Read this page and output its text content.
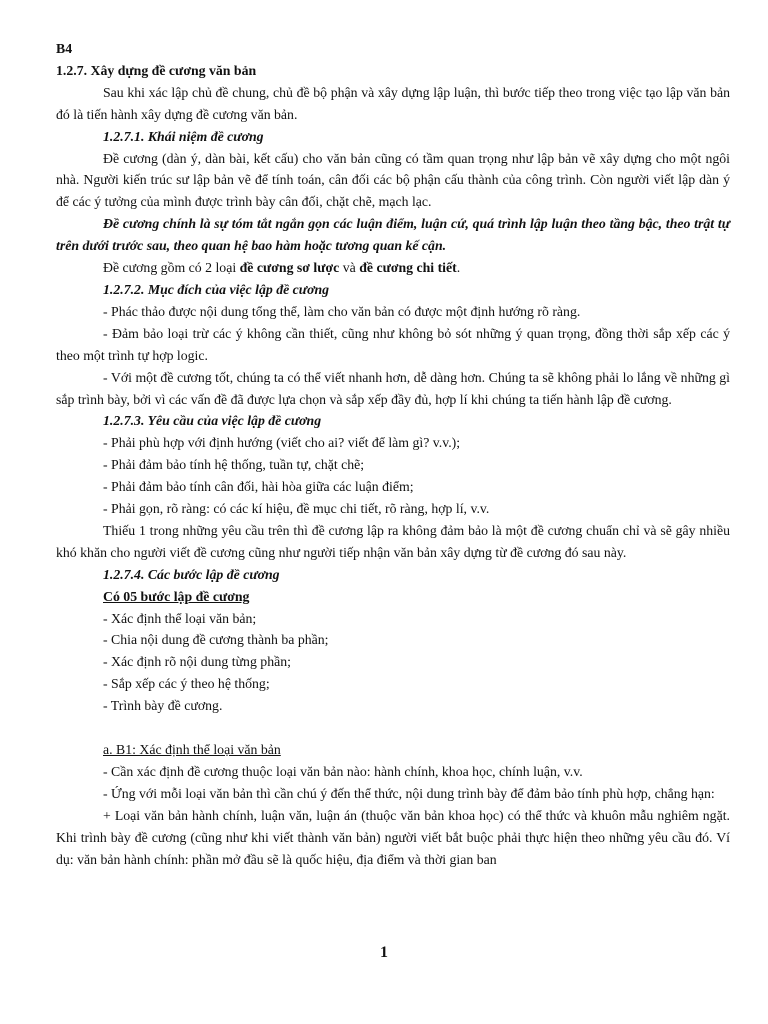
B4

1.2.7. Xây dựng đề cương văn bản

Sau khi xác lập chủ đề chung, chủ đề bộ phận và xây dựng lập luận, thì bước tiếp theo trong việc tạo lập văn bản đó là tiến hành xây dựng đề cương văn bản.

1.2.7.1. Khái niệm đề cương

Đề cương (dàn ý, dàn bài, kết cấu) cho văn bản cũng có tầm quan trọng như lập bản vẽ xây dựng cho một ngôi nhà. Người kiến trúc sư lập bản vẽ để tính toán, cân đối các bộ phận cấu thành của công trình. Còn người viết lập dàn ý để các ý tưởng của mình được trình bày cân đối, chặt chẽ, mạch lạc.

Đề cương chính là sự tóm tắt ngắn gọn các luận điểm, luận cứ, quá trình lập luận theo tầng bậc, theo trật tự trên dưới trước sau, theo quan hệ bao hàm hoặc tương quan kế cận.

Đề cương gồm có 2 loại đề cương sơ lược và đề cương chi tiết.

1.2.7.2. Mục đích của việc lập đề cương

- Phác thảo được nội dung tổng thể, làm cho văn bản có được một định hướng rõ ràng.

- Đảm bảo loại trừ các ý không cần thiết, cũng như không bỏ sót những ý quan trọng, đồng thời sắp xếp các ý theo một trình tự hợp logic.

- Với một đề cương tốt, chúng ta có thể viết nhanh hơn, dễ dàng hơn. Chúng ta sẽ không phải lo lắng về những gì sắp trình bày, bởi vì các vấn đề đã được lựa chọn và sắp xếp đầy đủ, hợp lí khi chúng ta tiến hành lập đề cương.

1.2.7.3. Yêu cầu của việc lập đề cương

- Phải phù hợp với định hướng (viết cho ai? viết để làm gì? v.v.);

- Phải đảm bảo tính hệ thống, tuần tự, chặt chẽ;

- Phải đảm bảo tính cân đối, hài hòa giữa các luận điểm;

- Phải gọn, rõ ràng: có các kí hiệu, đề mục chi tiết, rõ ràng, hợp lí, v.v.

Thiếu 1 trong những yêu cầu trên thì đề cương lập ra không đảm bảo là một đề cương chuẩn chỉ và sẽ gây nhiều khó khăn cho người viết đề cương cũng như người tiếp nhận văn bản xây dựng từ đề cương đó sau này.

1.2.7.4. Các bước lập đề cương

Có 05 bước lập đề cương

- Xác định thể loại văn bản;

- Chia nội dung đề cương thành ba phần;

- Xác định rõ nội dung từng phần;

- Sắp xếp các ý theo hệ thống;

- Trình bày đề cương.

a. B1: Xác định thể loại văn bản

- Cần xác định đề cương thuộc loại văn bản nào: hành chính, khoa học, chính luận, v.v.

- Ứng với mỗi loại văn bản thì cần chú ý đến thể thức, nội dung trình bày để đảm bảo tính phù hợp, chẳng hạn:

+ Loại văn bản hành chính, luận văn, luận án (thuộc văn bản khoa học) có thể thức và khuôn mẫu nghiêm ngặt. Khi trình bày đề cương (cũng như khi viết thành văn bản) người viết bắt buộc phải thực hiện theo những yêu cầu đó. Ví dụ: văn bản hành chính: phần mở đầu sẽ là quốc hiệu, địa điểm và thời gian ban

1
